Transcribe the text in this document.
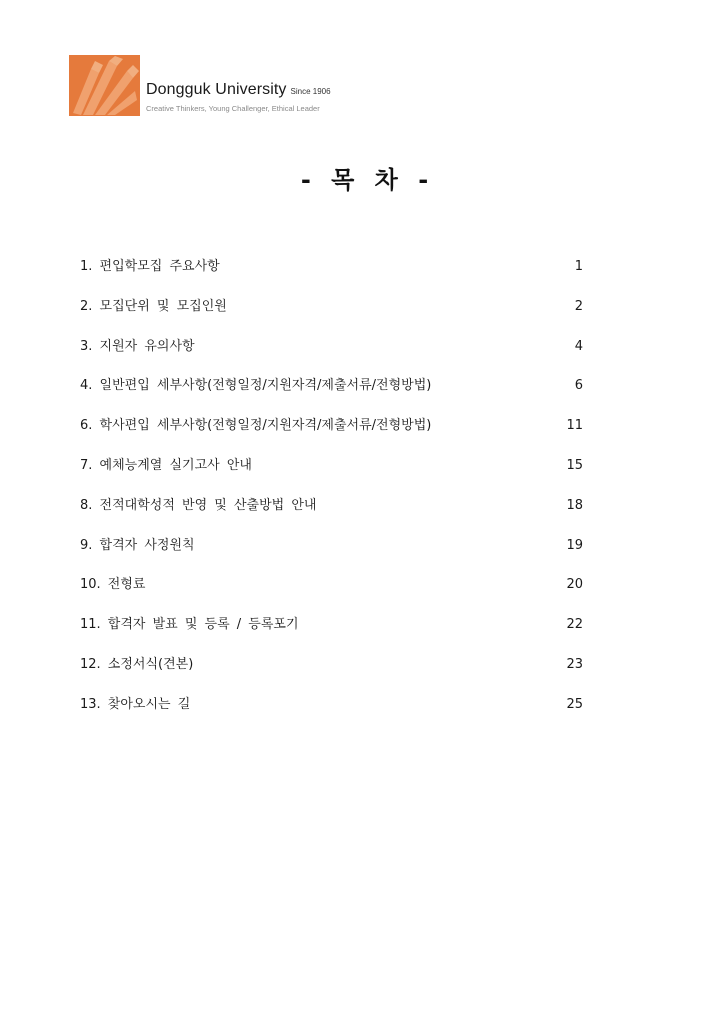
Dongguk University Since 1906
Creative Thinkers, Young Challenger, Ethical Leader
- 목 차 -
1. 편입학모집 주요사항	1
2. 모집단위 및 모집인원	2
3. 지원자 유의사항	4
4. 일반편입 세부사항(전형일정/지원자격/제출서류/전형방법)	6
6. 학사편입 세부사항(전형일정/지원자격/제출서류/전형방법)	11
7. 예체능계열 실기고사 안내	15
8. 전적대학성적 반영 및 산출방법 안내	18
9. 합격자 사정원칙	19
10. 전형료	20
11. 합격자 발표 및 등록 / 등록포기	22
12. 소정서식(견본)	23
13. 찾아오시는 길	25
